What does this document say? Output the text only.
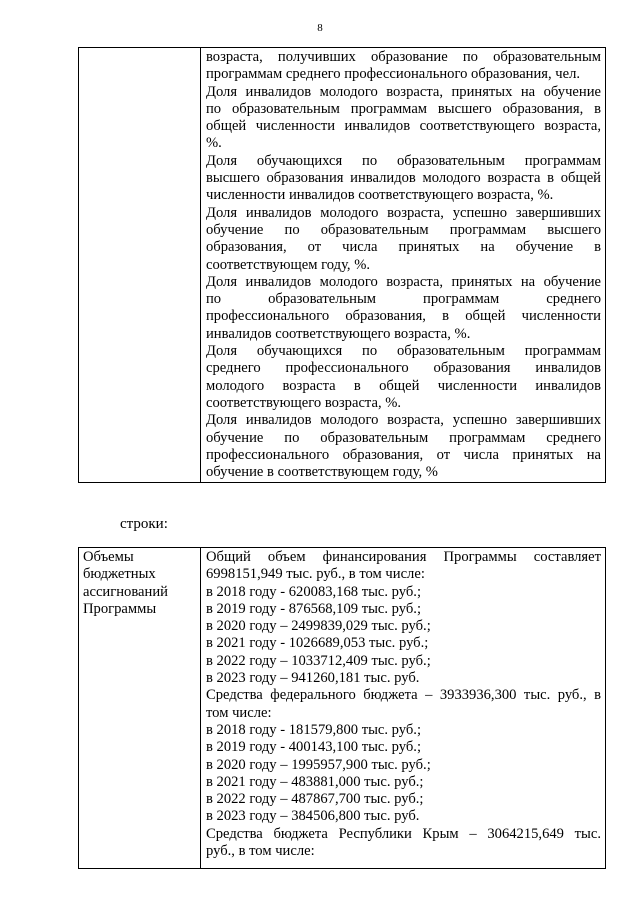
8

возраста, получивших образование по образовательным
программам среднего профессионального образования, чел.
Доля инвалидов молодого возраста, принятых на обучение
по образовательным программам высшего образования, в
общей численности инвалидов соответствующего возраста,
%.
Доля обучающихся по образовательным программам
высшего образования инвалидов молодого возраста в общей
численности инвалидов соответствующего возраста, %.
Доля инвалидов молодого возраста, успешно завершивших
обучение по образовательным программам высшего
образования, от числа принятых на обучение в
соответствующем году, %.
Доля инвалидов молодого возраста, принятых на обучение
по образовательным программам среднего
профессионального образования, в общей численности
инвалидов соответствующего возраста, %.
Доля обучающихся по образовательным программам
среднего профессионального образования инвалидов
молодого возраста в общей численности инвалидов
соответствующего возраста, %.
Доля инвалидов молодого возраста, успешно завершивших
обучение по образовательным программам среднего
профессионального образования, от числа принятых на
обучение в соответствующем году, %
строки:
Объемы
бюджетных
ассигнований
Программы

Общий объем финансирования Программы составляет
6998151,949 тыс. руб., в том числе:
в 2018 году - 620083,168 тыс. руб.;
в 2019 году - 876568,109 тыс. руб.;
в 2020 году – 2499839,029 тыс. руб.;
в 2021 году - 1026689,053 тыс. руб.;
в 2022 году – 1033712,409 тыс. руб.;
в 2023 году – 941260,181 тыс. руб.
Средства федерального бюджета – 3933936,300 тыс. руб., в
том числе:
в 2018 году - 181579,800 тыс. руб.;
в 2019 году - 400143,100 тыс. руб.;
в 2020 году – 1995957,900 тыс. руб.;
в 2021 году – 483881,000 тыс. руб.;
в 2022 году – 487867,700 тыс. руб.;
в 2023 году – 384506,800 тыс. руб.
Средства бюджета Республики Крым – 3064215,649 тыс.
руб., в том числе:
